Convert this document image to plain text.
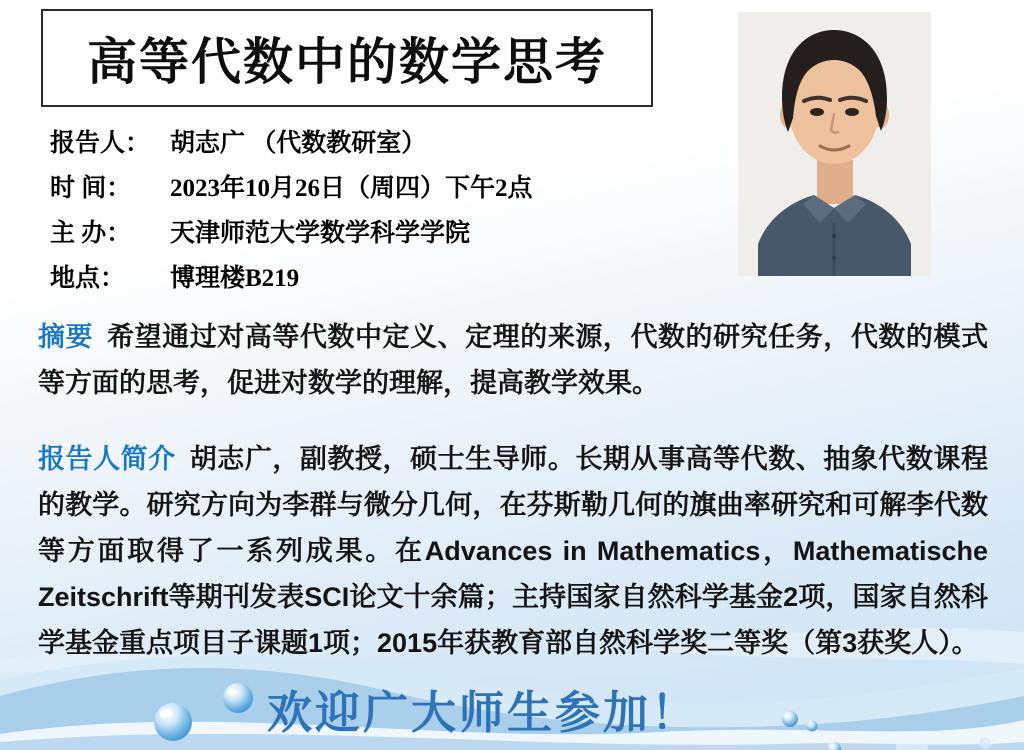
高等代数中的数学思考
报告人： 胡志广 （代数教研室）
时 间：	2023年10月26日（周四）下午2点
主 办：	天津师范大学数学科学学院
地点：	博理楼B219

摘要 希望通过对高等代数中定义、定理的来源，代数的研究任务，代数的模式等方面的思考，促进对数学的理解，提高教学效果。

报告人简介 胡志广，副教授，硕士生导师。长期从事高等代数、抽象代数课程的教学。研究方向为李群与微分几何，在芬斯勒几何的旗曲率研究和可解李代数等方面取得了一系列成果。在Advances in Mathematics，Mathematische Zeitschrift等期刊发表SCI论文十余篇；主持国家自然科学基金2项，国家自然科学基金重点项目子课题1项；2015年获教育部自然科学奖二等奖（第3获奖人）。

欢迎广大师生参加！
